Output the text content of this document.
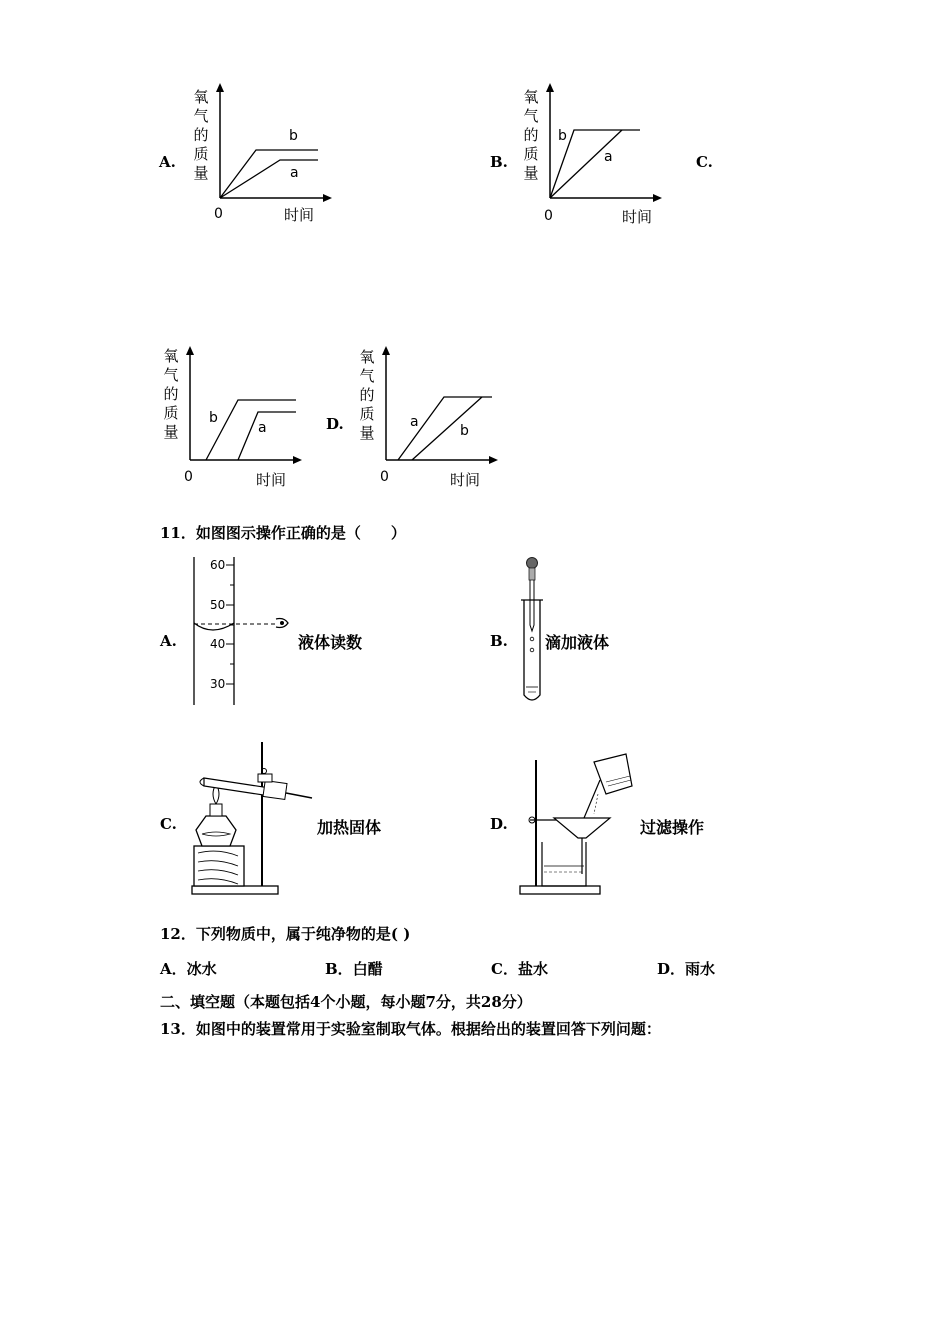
A.
氧
气
的
质
量
b
a
0	时间
B.
氧
气
的
质
量
b
a
0	时间
C.
氧
气
的
质
量
b
a
0	时间
D.
氧
气
的
质
量
a
b
0	时间
11．如图图示操作正确的是（　　）
A.
60
50
40
30
液体读数	B. 滴加液体
C.	加热固体	D.	过滤操作
12．下列物质中，属于纯净物的是( )
A．冰水	B．白醋	C．盐水	D．雨水
二、填空题（本题包括4个小题，每小题7分，共28分）
13．如图中的装置常用于实验室制取气体。根据给出的装置回答下列问题：
